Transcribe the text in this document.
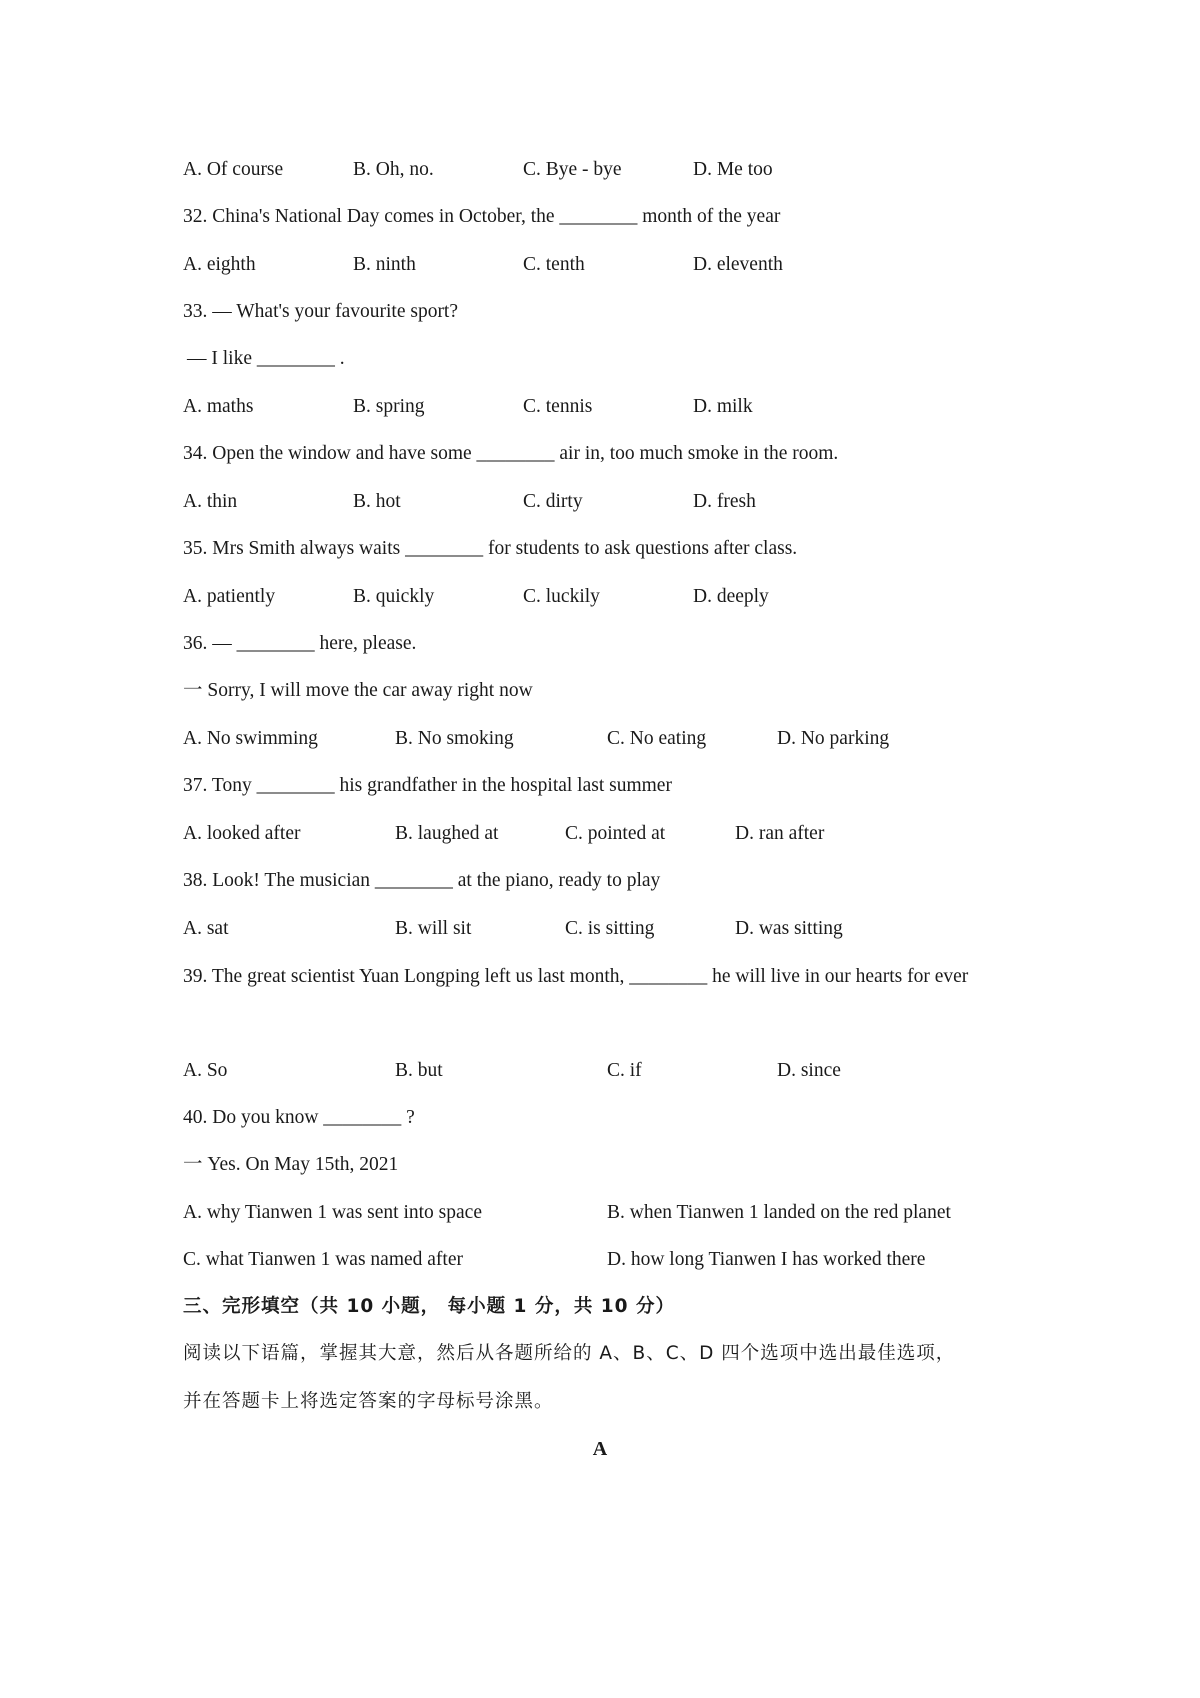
A. Of course	B. Oh, no.	C. Bye - bye	D. Me too

32. China's National Day comes in October, the ________ month of the year

A. eighth	B. ninth	C. tenth	D. eleventh

33. — What's your favourite sport?

— I like ________ .

A. maths	B. spring	C. tennis	D. milk

34. Open the window and have some ________ air in, too much smoke in the room.

A. thin	B. hot	C. dirty	D. fresh

35. Mrs Smith always waits ________ for students to ask questions after class.

A. patiently	B. quickly	C. luckily	D. deeply

36. — ________ here, please.

一 Sorry, I will move the car away right now

A. No swimming	B. No smoking	C. No eating	D. No parking

37. Tony ________ his grandfather in the hospital last summer

A. looked after	B. laughed at	C. pointed at	D. ran after

38. Look! The musician ________ at the piano, ready to play

A. sat	B. will sit	C. is sitting	D. was sitting

39. The great scientist Yuan Longping left us last month, ________ he will live in our hearts for ever

A. So	B. but	C. if	D. since

40. Do you know ________ ?

一 Yes. On May 15th, 2021

A. why Tianwen 1 was sent into space	B. when Tianwen 1 landed on the red planet
C. what Tianwen 1 was named after	D. how long Tianwen I has worked there
三、完形填空（共 10 小题， 每小题 1 分，共 10 分）
阅读以下语篇，掌握其大意，然后从各题所给的 A、B、C、D 四个选项中选出最佳选项，
并在答题卡上将选定答案的字母标号涂黑。
A
